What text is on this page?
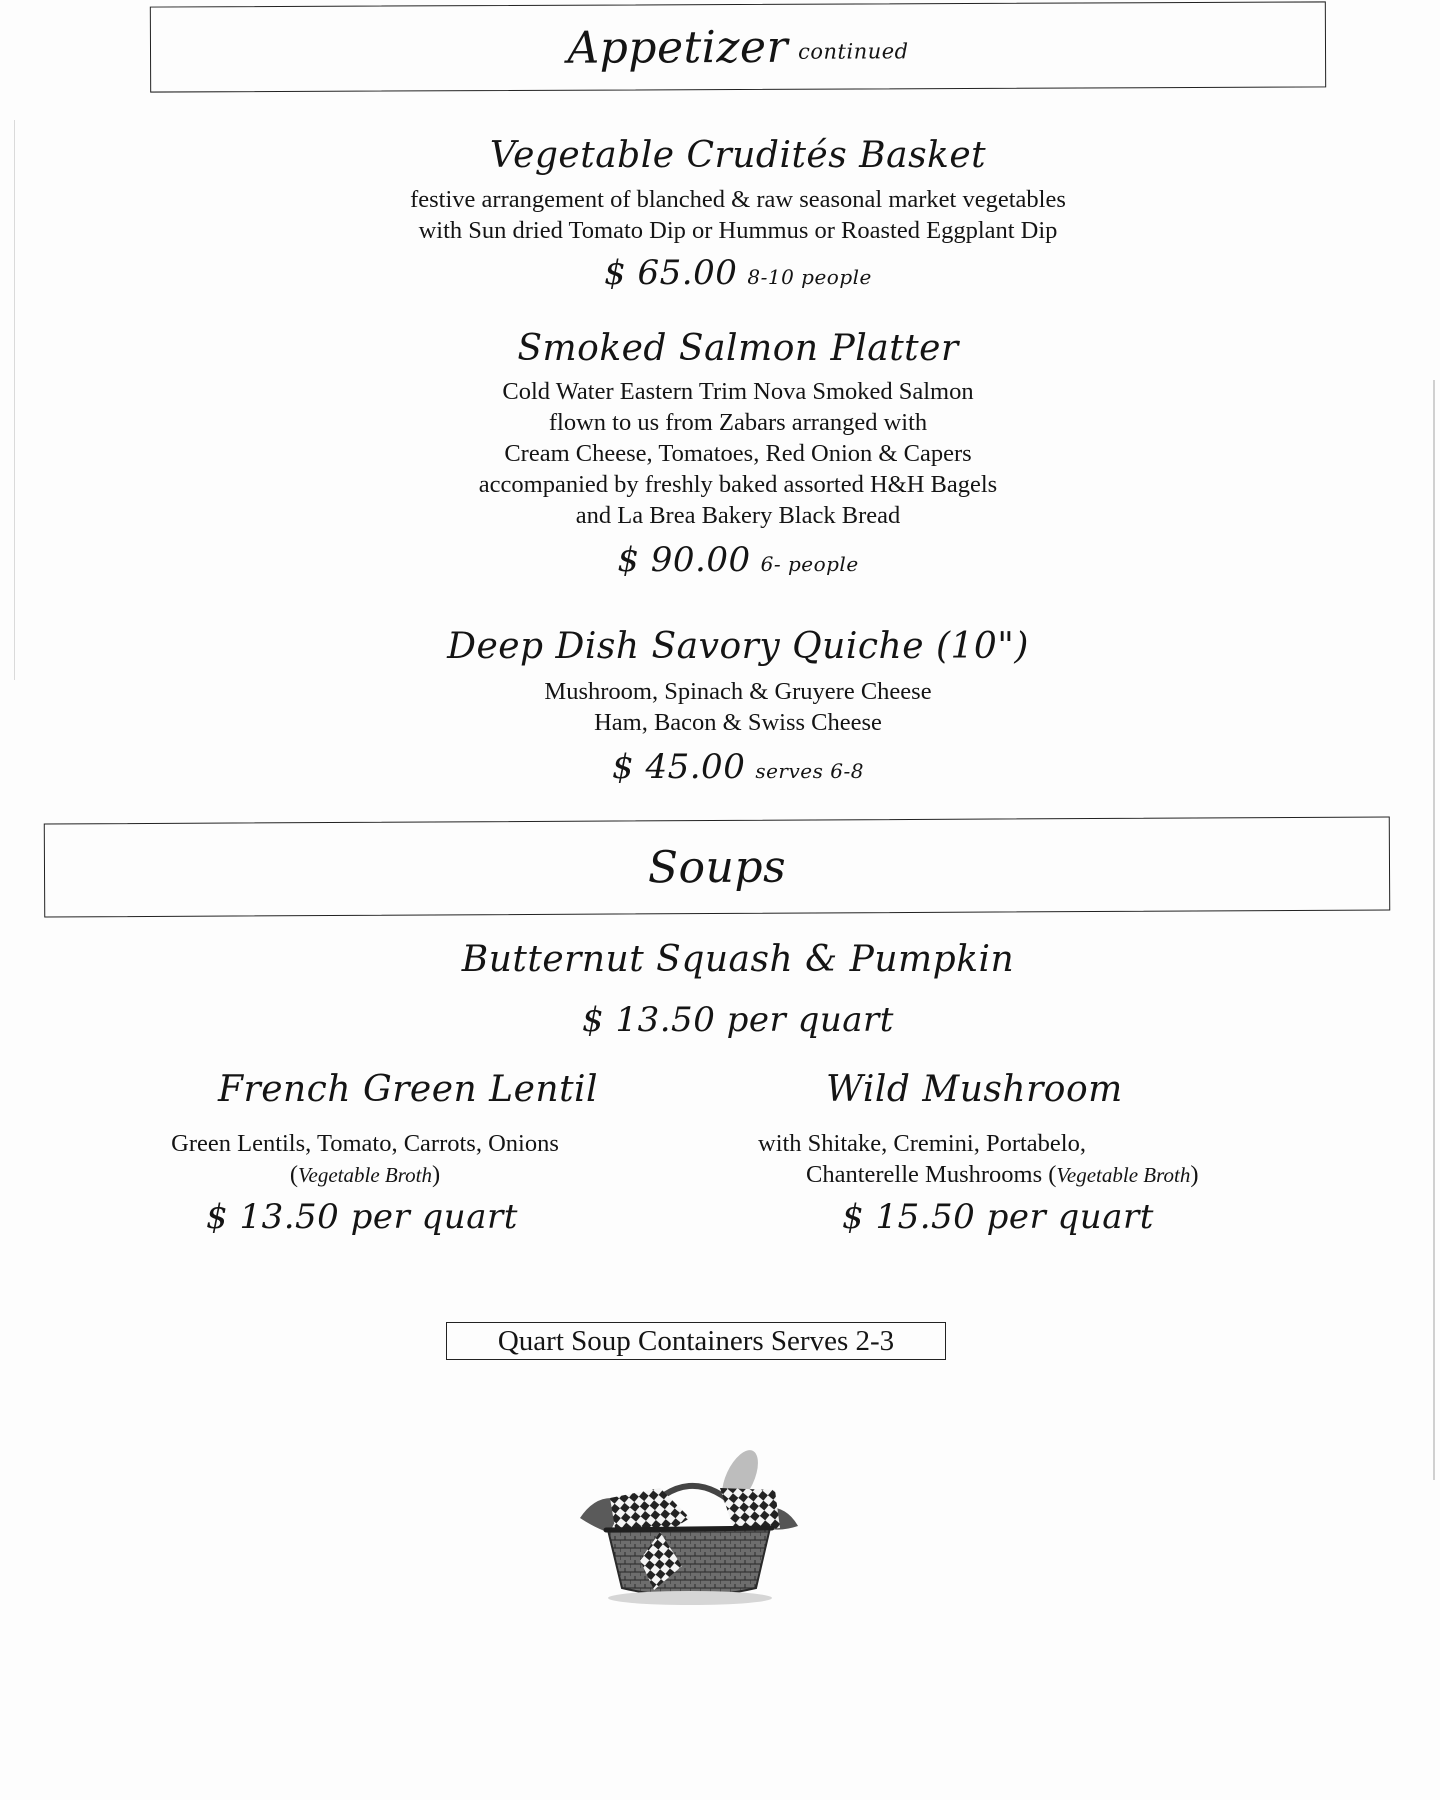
Appetizer continued
Vegetable Crudités Basket
festive arrangement of blanched & raw seasonal market vegetables
with Sun dried Tomato Dip or Hummus or Roasted Eggplant Dip
$ 65.00 8-10 people
Smoked Salmon Platter
Cold Water Eastern Trim Nova Smoked Salmon
flown to us from Zabars arranged with
Cream Cheese, Tomatoes, Red Onion & Capers
accompanied by freshly baked assorted H&H Bagels
and La Brea Bakery Black Bread
$ 90.00 6- people
Deep Dish Savory Quiche (10")
Mushroom, Spinach & Gruyere Cheese
Ham, Bacon & Swiss Cheese
$ 45.00 serves 6-8
Soups
Butternut Squash & Pumpkin
$ 13.50 per quart
French Green Lentil
Green Lentils, Tomato, Carrots, Onions
(Vegetable Broth)
$ 13.50 per quart
Wild Mushroom
with Shitake, Cremini, Portabelo,
Chanterelle Mushrooms (Vegetable Broth)
$ 15.50 per quart
Quart Soup Containers Serves 2-3
